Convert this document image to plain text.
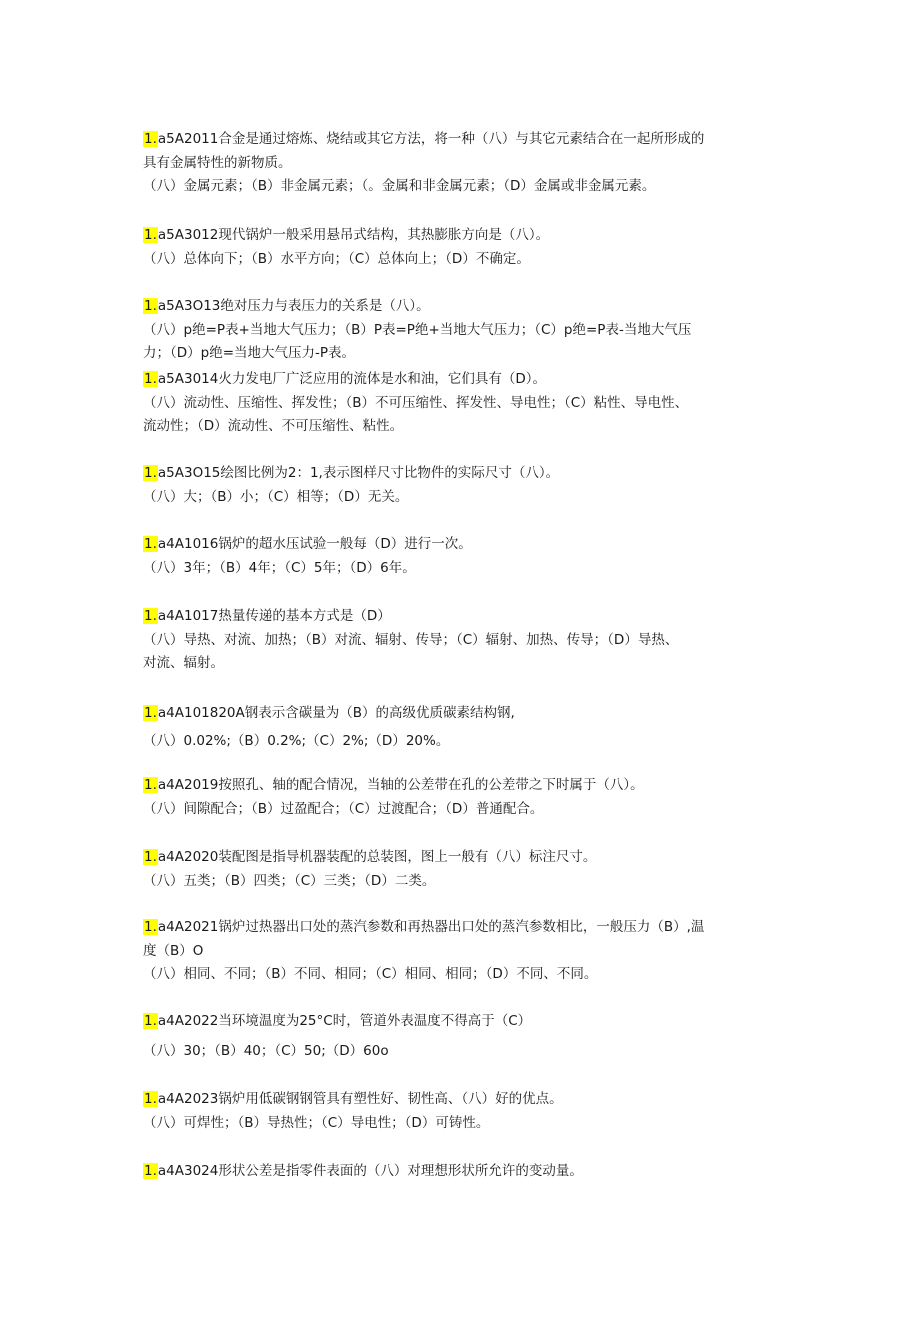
1.a5A2011合金是通过熔炼、烧结或其它方法，将一种（八）与其它元素结合在一起所形成的

具有金属特性的新物质。

（八）金属元素；（B）非金属元素；（。金属和非金属元素；（D）金属或非金属元素。

1.a5A3012现代锅炉一般采用悬吊式结构，其热膨胀方向是（八）。

（八）总体向下；（B）水平方向；（C）总体向上；（D）不确定。

1.a5A3O13绝对压力与表压力的关系是（八）。

（八）p绝=P表+当地大气压力；（B）P表=P绝+当地大气压力；（C）p绝=P表-当地大气压

力；（D）p绝=当地大气压力-P表。

1.a5A3014火力发电厂广泛应用的流体是水和油，它们具有（D）。

（八）流动性、压缩性、挥发性；（B）不可压缩性、挥发性、导电性；（C）粘性、导电性、

流动性；（D）流动性、不可压缩性、粘性。

1.a5A3O15绘图比例为2：1,表示图样尺寸比物件的实际尺寸（八）。

（八）大；（B）小；（C）相等；（D）无关。

1.a4A1016锅炉的超水压试验一般每（D）进行一次。

（八）3年；（B）4年；（C）5年；（D）6年。

1.a4A1017热量传递的基本方式是（D）

（八）导热、对流、加热；（B）对流、辐射、传导；（C）辐射、加热、传导；（D）导热、

对流、辐射。

1.a4A101820A钢表示含碳量为（B）的高级优质碳素结构钢,

（八）0.02%;（B）0.2%;（C）2%;（D）20%。

1.a4A2019按照孔、轴的配合情况，当轴的公差带在孔的公差带之下时属于（八）。

（八）间隙配合；（B）过盈配合；（C）过渡配合；（D）普通配合。

1.a4A2020装配图是指导机器装配的总装图，图上一般有（八）标注尺寸。

（八）五类；（B）四类；（C）三类；（D）二类。

1.a4A2021锅炉过热器出口处的蒸汽参数和再热器出口处的蒸汽参数相比，一般压力（B）,温

度（B）O

（八）相同、不同；（B）不同、相同；（C）相同、相同；（D）不同、不同。

1.a4A2022当环境温度为25°C时，管道外表温度不得高于（C）

（八）30；（B）40；（C）50;（D）60o

1.a4A2023锅炉用低碳钢钢管具有塑性好、韧性高、（八）好的优点。

（八）可焊性；（B）导热性；（C）导电性；（D）可铸性。

1.a4A3024形状公差是指零件表面的（八）对理想形状所允许的变动量。
